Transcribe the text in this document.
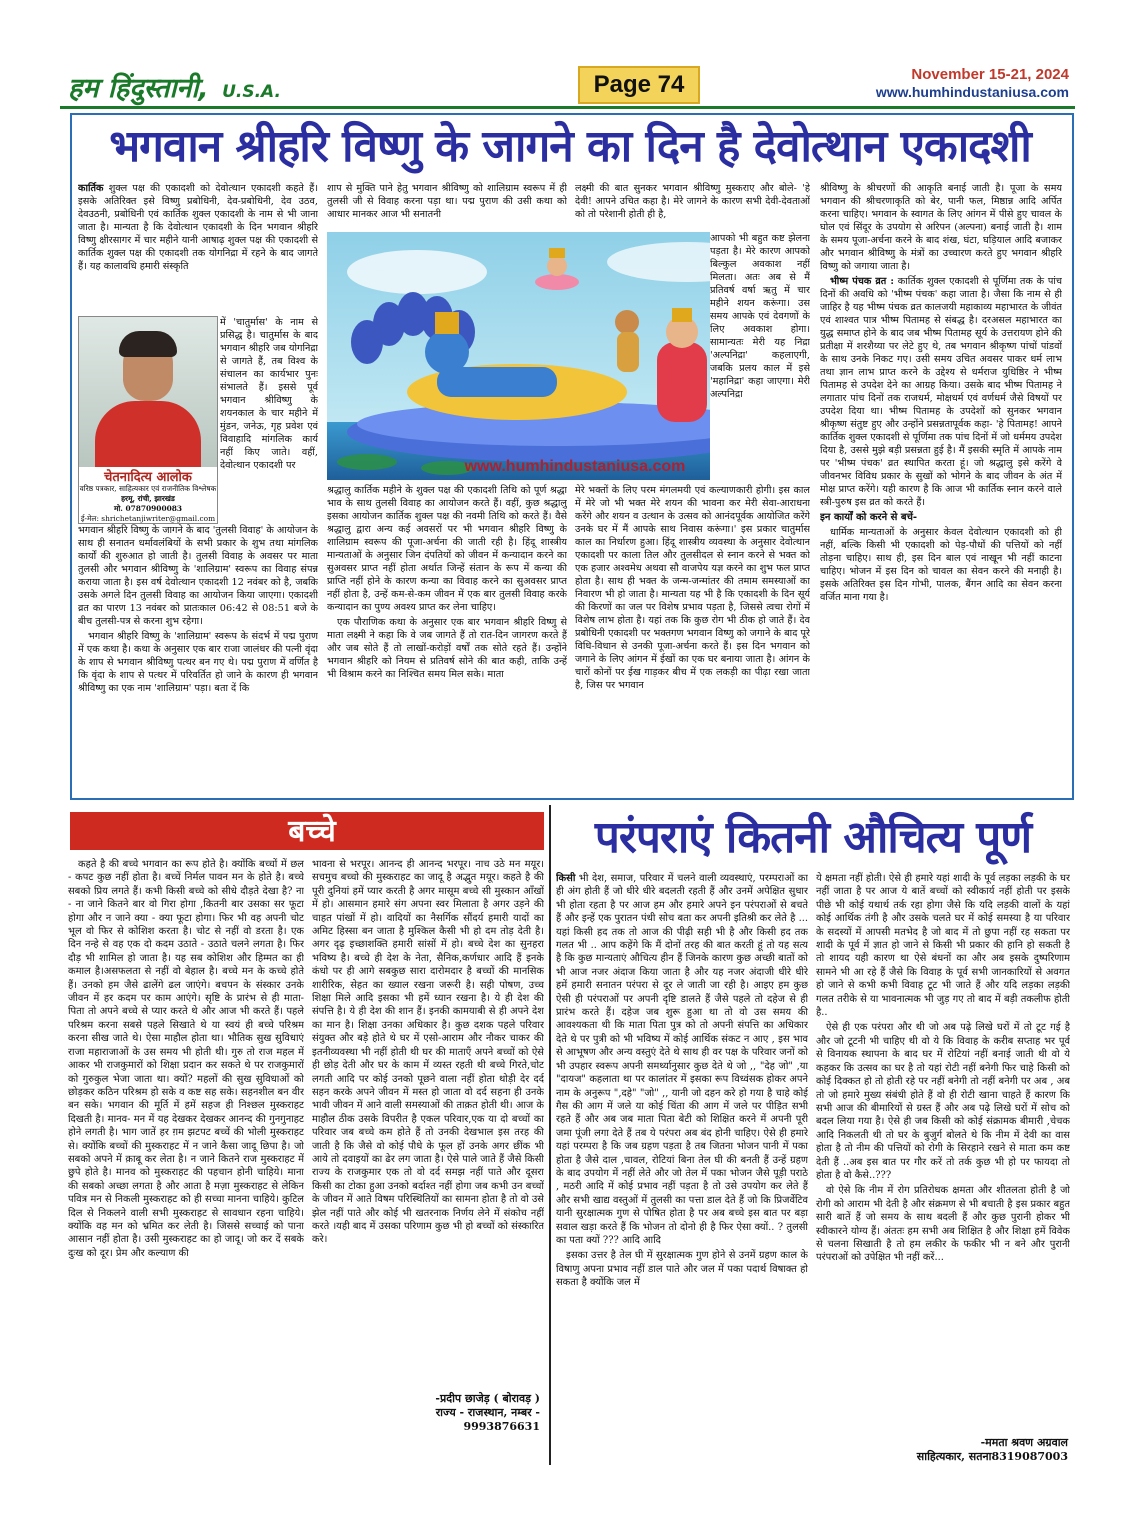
हम हिंदुस्तानी, U.S.A.	Page 74	November 15-21, 2024
www.humhindustaniusa.com
भगवान श्रीहरि विष्णु के जागने का दिन है देवोत्थान एकादशी

कार्तिक शुक्ल पक्ष की एकादशी को देवोत्थान एकादशी कहते हैं। इसके अतिरिक्त इसे विष्णु प्रबोधिनी, देव-प्रबोधिनी, देव उठव, देवउठनी, प्रबोधिनी एवं कार्तिक शुक्ल एकादशी के नाम से भी जाना जाता है। मान्यता है कि देवोत्थान एकादशी के दिन भगवान श्रीहरि विष्णु क्षीरसागर में चार महीने यानी आषाढ़ शुक्ल पक्ष की एकादशी से कार्तिक शुक्ल पक्ष की एकादशी तक योगनिद्रा में रहने के बाद जागते हैं। यह कालावधि हमारी संस्कृति

चेतनादित्य आलोक
वरिष्ठ पत्रकार, साहित्यकार एवं राजनीतिक विश्लेषक
हरमू, रांची, झारखंड
मो. 07870900083
ई-मेल: shrichetanjiwriter@gmail.com

में 'चातुर्मास' के नाम से प्रसिद्ध है। चातुर्मास के बाद भगवान श्रीहरि जब योगनिद्रा से जागते हैं, तब विश्व के संचालन का कार्यभार पुनः संभालते हैं। इससे पूर्व भगवान श्रीविष्णु के शयनकाल के चार महीने में मुंडन, जनेऊ, गृह प्रवेश एवं विवाहादि मांगलिक कार्य नहीं किए जाते। वहीं, देवोत्थान एकादशी पर

भगवान श्रीहरि विष्णु के जागने के बाद 'तुलसी विवाह' के आयोजन के साथ ही सनातन धर्मावलंबियों के सभी प्रकार के शुभ तथा मांगलिक कार्यों की शुरुआत हो जाती है। तुलसी विवाह के अवसर पर माता तुलसी और भगवान श्रीविष्णु के 'शालिग्राम' स्वरूप का विवाह संपन्न कराया जाता है। इस वर्ष देवोत्थान एकादशी 12 नवंबर को है, जबकि उसके अगले दिन तुलसी विवाह का आयोजन किया जाएगा। एकादशी व्रत का पारण 13 नवंबर को प्रातःकाल 06:42 से 08:51 बजे के बीच तुलसी-पत्र से करना शुभ रहेगा।

भगवान श्रीहरि विष्णु के 'शालिग्राम' स्वरूप के संदर्भ में पद्म पुराण में एक कथा है। कथा के अनुसार एक बार राजा जालंधर की पत्नी वृंदा के शाप से भगवान श्रीविष्णु पत्थर बन गए थे। पद्म पुराण में वर्णित है कि वृंदा के शाप से पत्थर में परिवर्तित हो जाने के कारण ही भगवान श्रीविष्णु का एक नाम 'शालिग्राम' पड़ा। बता दें कि

शाप से मुक्ति पाने हेतु भगवान श्रीविष्णु को शालिग्राम स्वरूप में ही तुलसी जी से विवाह करना पड़ा था। पद्म पुराण की उसी कथा को आधार मानकर आज भी सनातनी

लक्ष्मी की बात सुनकर भगवान श्रीविष्णु मुस्कराए और बोले- 'हे देवी! आपने उचित कहा है। मेरे जागने के कारण सभी देवी-देवताओं को तो परेशानी होती ही है,

www.humhindustaniusa.com

आपको भी बहुत कष्ट झेलना पड़ता है। मेरे कारण आपको बिल्कुल अवकाश नहीं मिलता। अतः अब से मैं प्रतिवर्ष वर्षा ऋतु में चार महीने शयन करूंगा। उस समय आपके एवं देवगणों के लिए अवकाश होगा। सामान्यतः मेरी यह निद्रा 'अल्पनिद्रा' कहलाएगी, जबकि प्रलय काल में इसे 'महानिद्रा' कहा जाएगा। मेरी अल्पनिद्रा

श्रद्धालु कार्तिक महीने के शुक्ल पक्ष की एकादशी तिथि को पूर्ण श्रद्धा भाव के साथ तुलसी विवाह का आयोजन करते हैं। वहीं, कुछ श्रद्धालु इसका आयोजन कार्तिक शुक्ल पक्ष की नवमी तिथि को करते हैं। वैसे श्रद्धालु द्वारा अन्य कई अवसरों पर भी भगवान श्रीहरि विष्णु के शालिग्राम स्वरूप की पूजा-अर्चना की जाती रही है। हिंदू शास्त्रीय मान्यताओं के अनुसार जिन दंपतियों को जीवन में कन्यादान करने का सुअवसर प्राप्त नहीं होता अर्थात जिन्हें संतान के रूप में कन्या की प्राप्ति नहीं होने के कारण कन्या का विवाह करने का सुअवसर प्राप्त नहीं होता है, उन्हें कम-से-कम जीवन में एक बार तुलसी विवाह करके कन्यादान का पुण्य अवश्य प्राप्त कर लेना चाहिए।

एक पौराणिक कथा के अनुसार एक बार भगवान श्रीहरि विष्णु से माता लक्ष्मी ने कहा कि वे जब जागते हैं तो रात-दिन जागरण करते हैं और जब सोते हैं तो लाखों-करोड़ों वर्षों तक सोते रहते हैं। उन्होंने भगवान श्रीहरि को नियम से प्रतिवर्ष सोने की बात कही, ताकि उन्हें भी विश्राम करने का निश्चित समय मिल सके। माता

मेरे भक्तों के लिए परम मंगलमयी एवं कल्याणकारी होगी। इस काल में मेरे जो भी भक्त मेरे शयन की भावना कर मेरी सेवा-आराधना करेंगे और शयन व उत्थान के उत्सव को आनंदपूर्वक आयोजित करेंगे उनके घर में मैं आपके साथ निवास करूंगा।' इस प्रकार चातुर्मास काल का निर्धारण हुआ। हिंदू शास्त्रीय व्यवस्था के अनुसार देवोत्थान एकादशी पर काला तिल और तुलसीदल से स्नान करने से भक्त को एक हजार अश्वमेध अथवा सौ वाजपेय यज्ञ करने का शुभ फल प्राप्त होता है। साथ ही भक्त के जन्म-जन्मांतर की तमाम समस्याओं का निवारण भी हो जाता है। मान्यता यह भी है कि एकादशी के दिन सूर्य की किरणों का जल पर विशेष प्रभाव पड़ता है, जिससे त्वचा रोगों में विशेष लाभ होता है। यहां तक कि कुछ रोग भी ठीक हो जाते हैं। देव प्रबोधिनी एकादशी पर भक्तगण भगवान विष्णु को जगाने के बाद पूरे विधि-विधान से उनकी पूजा-अर्चना करते हैं। इस दिन भगवान को जगाने के लिए आंगन में ईखों का एक घर बनाया जाता है। आंगन के चारों कोनों पर ईख गाड़कर बीच में एक लकड़ी का पीढ़ा रखा जाता है, जिस पर भगवान

श्रीविष्णु के श्रीचरणों की आकृति बनाई जाती है। पूजा के समय भगवान की श्रीचरणाकृति को बेर, पानी फल, मिष्ठान्न आदि अर्पित करना चाहिए। भगवान के स्वागत के लिए आंगन में पीसे हुए चावल के घोल एवं सिंदूर के उपयोग से अरिपन (अल्पना) बनाई जाती है। शाम के समय पूजा-अर्चना करने के बाद शंख, घंटा, घड़ियाल आदि बजाकर और भगवान श्रीविष्णु के मंत्रों का उच्चारण करते हुए भगवान श्रीहरि विष्णु को जगाया जाता है।

भीष्म पंचक व्रत : कार्तिक शुक्ल एकादशी से पूर्णिमा तक के पांच दिनों की अवधि को 'भीष्म पंचक' कहा जाता है। जैसा कि नाम से ही जाहिर है यह भीष्म पंचक व्रत कालजयी महाकाव्य महाभारत के जीवंत एवं शाश्वत पात्र भीष्म पितामह से संबद्ध है। दरअसल महाभारत का युद्ध समाप्त होने के बाद जब भीष्म पितामह सूर्य के उत्तरायण होने की प्रतीक्षा में शरशैय्या पर लेटे हुए थे, तब भगवान श्रीकृष्ण पांचों पांडवों के साथ उनके निकट गए। उसी समय उचित अवसर पाकर धर्म लाभ तथा ज्ञान लाभ प्राप्त करने के उद्देश्य से धर्मराज युधिष्ठिर ने भीष्म पितामह से उपदेश देने का आग्रह किया। उसके बाद भीष्म पितामह ने लगातार पांच दिनों तक राजधर्म, मोक्षधर्म एवं वर्णधर्म जैसे विषयों पर उपदेश दिया था। भीष्म पितामह के उपदेशों को सुनकर भगवान श्रीकृष्ण संतुष्ट हुए और उन्होंने प्रसन्नतापूर्वक कहा- 'हे पितामह! आपने कार्तिक शुक्ल एकादशी से पूर्णिमा तक पांच दिनों में जो धर्ममय उपदेश दिया है, उससे मुझे बड़ी प्रसन्नता हुई है। मैं इसकी स्मृति में आपके नाम पर 'भीष्म पंचक' व्रत स्थापित करता हूं। जो श्रद्धालु इसे करेंगे वे जीवनभर विविध प्रकार के सुखों को भोगने के बाद जीवन के अंत में मोक्ष प्राप्त करेंगे। यही कारण है कि आज भी कार्तिक स्नान करने वाले स्त्री-पुरुष इस व्रत को करते हैं।

इन कार्यों को करने से बचें-

धार्मिक मान्यताओं के अनुसार केवल देवोत्थान एकादशी को ही नहीं, बल्कि किसी भी एकादशी को पेड़-पौधों की पत्तियों को नहीं तोड़ना चाहिए। साथ ही, इस दिन बाल एवं नाखून भी नहीं काटना चाहिए। भोजन में इस दिन को चावल का सेवन करने की मनाही है। इसके अतिरिक्त इस दिन गोभी, पालक, बैंगन आदि का सेवन करना वर्जित माना गया है।

बच्चे

कहते है की बच्चे भगवान का रूप होते है। क्योंकि बच्चों में छल - कपट कुछ नहीं होता है। बच्चें निर्मल पावन मन के होते है। बच्चे सबको प्रिय लगते हैं। कभी किसी बच्चे को सीधे दौड़ते देखा है? ना - ना जाने कितने बार वो गिरा होगा ,कितनी बार उसका सर फूटा होगा और न जाने क्या - क्या फूटा होगा। फिर भी वह अपनी चोट भूल वो फिर से कोशिश करता है। चोट से नहीं वो डरता है। एक दिन नन्हे से वह एक दो कदम उठाते - उठाते चलने लगता है। फिर दौड़ भी शामिल हो जाता है। यह सब कोशिश और हिम्मत का ही कमाल है।असफलता से नहीं वो बेहाल है। बच्चे मन के कच्चे होते हैं। उनको हम जैसे ढालेंगे ढल जाएंगे। बचपन के संस्कार उनके जीवन में हर कदम पर काम आएंगे। सृष्टि के प्रारंभ से ही माता- पिता तो अपने बच्चे से प्यार करते थे और आज भी करते हैं। पहले परिश्रम करना सबसे पहले सिखाते थे या स्वयं ही बच्चे परिश्रम करना सीख जाते थे। ऐसा माहौल होता था। भौतिक सुख सुविधाएं राजा महाराजाओं के उस समय भी होती थी। गुरु तो राज महल में आकर भी राजकुमारों को शिक्षा प्रदान कर सकते थे पर राजकुमारों को गुरुकुल भेजा जाता था। क्यों? महलों की सुख सुविधाओं को छोड़कर कठिन परिश्रम हो सके व कष्ट सह सके। सहनशील बन वीर बन सके। भगवान की मूर्ति में हमें सहज ही निश्छल मुस्कराहट दिखती है। मानव- मन में यह देखकर देखकर आनन्द की गुनगुनाहट होने लगती है। भाग जातें हर ग़म झटपट बच्चें की भोली मुस्कराहट से। क्योंकि बच्चों की मुस्कराहट में न जाने कैसा जादू छिपा है। जो सबको अपने में क़ाबू कर लेता है। न जाने कितने राज मुस्कराहट में छुपे होते है। मानव को मुस्कराहट की पहचान होनी चाहिये। माना की सबको अच्छा लगता है और आता है मज़ा मुस्कराहट से लेकिन पवित्र मन से निकली मुस्कराहट को ही सच्चा मानना चाहिये। कुटिल दिल से निकलने वाली सभी मुस्कराहट से सावधान रहना चाहिये। क्योंकि वह मन को भ्रमित कर लेती है। जिससे सच्चाई को पाना आसान नहीं होता है। उसी मुस्कराहट का हो जादू। जो कर दें सबके दुःख को दूर। प्रेम और कल्याण की

भावना से भरपूर। आनन्द ही आनन्द भरपूर। नाच उठे मन मयूर। सचमुच बच्चो की मुस्कराहट का जादू है अद्भुत मयूर। कहते है की पूरी दुनियां हमें प्यार करती है अगर मासूम बच्चे सी मुस्कान आँखों में हो। आसमान हमारे संग अपना स्वर मिलाता है अगर उड़ने की चाहत पांखों में हो। वादियों का नैसर्गिक सौंदर्य हमारी यादों का अमिट हिस्सा बन जाता है मुश्किल कैसी भी हो दम तोड़ देती है। अगर दृढ़ इच्छाशक्ति हमारी सांसों में हो। बच्चे देश का सुनहरा भविष्य है। बच्चे ही देश के नेता, सैनिक,कर्णधार आदि हैं इनके कंधो पर ही आगे सबकुछ सारा दारोमदार है बच्चों की मानसिक शारीरिक, सेहत का ख्याल रखना जरूरी है। सही पोषण, उच्च शिक्षा मिले आदि इसका भी हमें ध्यान रखना है। ये ही देश की संपत्ति है। ये ही देश की शान हैं। इनकी कामयाबी से ही अपने देश का मान है। शिक्षा उनका अधिकार है। कुछ दशक पहले परिवार संयुक्त और बड़े होते थे घर में एसो-आराम और नौकर चाकर की इतनीव्यवस्था भी नहीं होती थी घर की माताएँ अपने बच्चों को ऐसे ही छोड़ देती और घर के काम में व्यस्त रहती थी बच्चे गिरते,चोट लगती आदि पर कोई उनको पूछने वाला नहीं होता थोड़ी देर दर्द सहन करके अपने जीवन में मस्त हो जाता वो दर्द सहना ही उनके भावी जीवन में आने वाली समस्याओं की ताक़त होती थी। आज के माहौल ठीक उसके विपरीत है एकल परिवार,एक या दो बच्चों का परिवार जब बच्चे कम होते हैं तो उनकी देखभाल इस तरह की जाती है कि जैसे वो कोई पौधे के फूल हों उनके अगर छींक भी आये तो दवाइयों का ढेर लग जाता है। ऐसे पाले जाते हैं जैसे किसी राज्य के राजकुमार एक तो वो दर्द समझ नहीं पाते और दूसरा किसी का टोका हुआ उनको बर्दाश्त नहीं होगा जब कभी उन बच्चों के जीवन में आते विषम परिस्थितियों का सामना होता है तो वो उसे झेल नहीं पाते और कोई भी खतरनाक निर्णय लेने में संकोच नहीं करते ।यही बाद में उसका परिणाम कुछ भी हो बच्चों को संस्कारित करे।

-प्रदीप छाजेड़ ( बोरावड़ )
राज्य - राजस्थान, नम्बर -
9993876631
परंपराएं कितनी औचित्य पूर्ण

किसी भी देश, समाज, परिवार में चलने वाली व्यवस्थाएं, परम्पराओं का ही अंग होती हैं जो धीरे धीरे बदलती रहती हैं और उनमें अपेक्षित सुधार भी होता रहता है पर आज हम और हमारे अपने इन परंपराओं से बचते हैं और इन्हें एक पुरातन पंथी सोच बता कर अपनी इतिश्री कर लेते है ... यहां किसी हद तक तो आज की पीढ़ी सही भी है और किसी हद तक गलत भी .. आप कहेंगे कि मैं दोनों तरह की बात करती हूं तो यह सत्य है कि कुछ मान्यताएं औचित्य हीन हैं जिनके कारण कुछ अच्छी बातों को भी आज नजर अंदाज किया जाता है और यह नजर अंदाजी धीरे धीरे हमें हमारी सनातन परंपरा से दूर ले जाती जा रही है। आइए हम कुछ ऐसी ही परंपराओं पर अपनी दृष्टि डालते हैं जैसे पहले तो दहेज से ही प्रारंभ करते हैं। दहेज जब शुरू हुआ था तो वो उस समय की आवश्यकता थी कि माता पिता पुत्र को तो अपनी संपत्ति का अधिकार देते थे पर पुत्री को भी भविष्य में कोई आर्थिक संकट न आए , इस भाव से आभूषण और अन्य वस्तुएं देते थे साथ ही वर पक्ष के परिवार जनों को भी उपहार स्वरूप अपनी समर्थ्यानुसार कुछ देते थे जो ,, "देह जो" ,या "दायज" कहलाता था पर कालांतर में इसका रूप विध्वंसक होकर अपने नाम के अनुरूप ",दहे" "जो" ,, यानी जो दहन करे हो गया है चाहे कोई गैस की आग में जले या कोई चिंता की आग में जले पर पीड़ित सभी रहते हैं और अब जब माता पिता बेटी को शिक्षित करने में अपनी पूरी जमा पूंजी लगा देते हैं तब ये परंपरा अब बंद होनी चाहिए। ऐसे ही हमारे यहां परम्परा है कि जब ग्रहण पड़ता है तब जितना भोजन पानी में पका होता है जैसे दाल ,चावल, रोटियां बिना तेल घी की बनती हैं उन्हें ग्रहण के बाद उपयोग में नहीं लेते और जो तेल में पका भोजन जैसे पूड़ी पराठे , मठरी आदि में कोई प्रभाव नहीं पड़ता है तो उसे उपयोग कर लेते हैं और सभी खाद्य वस्तुओं में तुलसी का पत्ता डाल देते हैं जो कि प्रिजर्वेटिव यानी सुरक्षात्मक गुण से पोषित होता है पर अब बच्चे इस बात पर बड़ा सवाल खड़ा करते हैं कि भोजन तो दोनो ही है फिर ऐसा क्यों.. ? तुलसी का पता क्यों ??? आदि आदि

इसका उत्तर है तेल घी में सुरक्षात्मक गुण होने से उनमें ग्रहण काल के विषाणु अपना प्रभाव नहीं डाल पाते और जल में पका पदार्थ विषाक्त हो सकता है क्योंकि जल में

ये क्षमता नहीं होती। ऐसे ही हमारे यहां शादी के पूर्व लड़का लड़की के घर नहीं जाता है पर आज ये बातें बच्चों को स्वीकार्य नहीं होती पर इसके पीछे भी कोई यथार्थ तर्क रहा होगा जैसे कि यदि लड़की वालों के यहां कोई आर्थिक तंगी है और उसके चलते घर में कोई समस्या है या परिवार के सदस्यों में आपसी मतभेद है जो बाद में तो छुपा नहीं रह सकता पर शादी के पूर्व में ज्ञात हो जाने से किसी भी प्रकार की हानि हो सकती है तो शायद यही कारण था ऐसे बंधनों का और अब इसके दुष्परिणाम सामने भी आ रहे हैं जैसे कि विवाह के पूर्व सभी जानकारियों से अवगत हो जाने से कभी कभी विवाह टूट भी जाते हैं और यदि लड़का लड़की गलत तरीके से या भावनात्मक भी जुड़ गए तो बाद में बड़ी तकलीफ होती है..

ऐसे ही एक परंपरा और थी जो अब पढ़े लिखे घरों में तो टूट गई है और जो टूटनी भी चाहिए थी वो ये कि विवाह के करीब सप्ताह भर पूर्व से विनायक स्थापना के बाद घर में रोटियां नहीं बनाई जाती थी वो ये कहकर कि उत्सव का घर है तो यहां रोटी नहीं बनेगी फिर चाहे किसी को कोई दिक्कत हो तो होती रहे पर नहीं बनेगी तो नहीं बनेगी पर अब , अब तो जो हमारे मुख्य संबंधी होते हैं वो ही रोटी खाना चाहते हैं कारण कि सभी आज की बीमारियों से ग्रस्त हैं और अब पढ़े लिखे घरों में सोच को बदल लिया गया है। ऐसे ही जब किसी को कोई संक्रामक बीमारी ,चेचक आदि निकलती थी तो घर के बुजुर्ग बोलते थे कि नीम में देवी का वास होता है तो नीम की पत्तियों को रोगी के सिरहाने रखने से माता कम कष्ट देती हैं ..अब इस बात पर गौर करें तो तर्क कुछ भी हो पर फायदा तो होता है वो कैसे..???

वो ऐसे कि नीम में रोग प्रतिरोधक क्षमता और शीतलता होती है जो रोगी को आराम भी देती है और संक्रमण से भी बचाती है इस प्रकार बहुत सारी बातें हैं जो समय के साथ बदली हैं और कुछ पुरानी होकर भी स्वीकारने योग्य हैं। अंततः हम सभी अब शिक्षित है और शिक्षा हमें विवेक से चलना सिखाती है तो हम लकीर के फकीर भी न बने और पुरानी परंपराओं को उपेक्षित भी नहीं करें...

-ममता श्रवण अग्रवाल
साहित्यकार, सतना8319087003
